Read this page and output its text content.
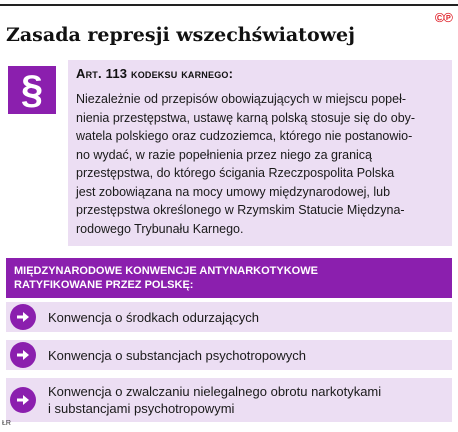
©℗
Zasada represji wszechświatowej
§	Art. 113 kodeksu karnego:
Niezależnie od przepisów obowiązujących w miejscu popeł-
nienia przestępstwa, ustawę karną polską stosuje się do oby-
watela polskiego oraz cudzoziemca, którego nie postanowio-
no wydać, w razie popełnienia przez niego za granicą
przestępstwa, do którego ścigania Rzeczpospolita Polska
jest zobowiązana na mocy umowy międzynarodowej, lub
przestępstwa określonego w Rzymskim Statucie Międzyna-
rodowego Trybunału Karnego.
MIĘDZYNARODOWE KONWENCJE ANTYNARKOTYKOWE
RATYFIKOWANE PRZEZ POLSKĘ:
Konwencja o środkach odurzających
Konwencja o substancjach psychotropowych
Konwencja o zwalczaniu nielegalnego obrotu narkotykami
i substancjami psychotropowymi
ŁR
